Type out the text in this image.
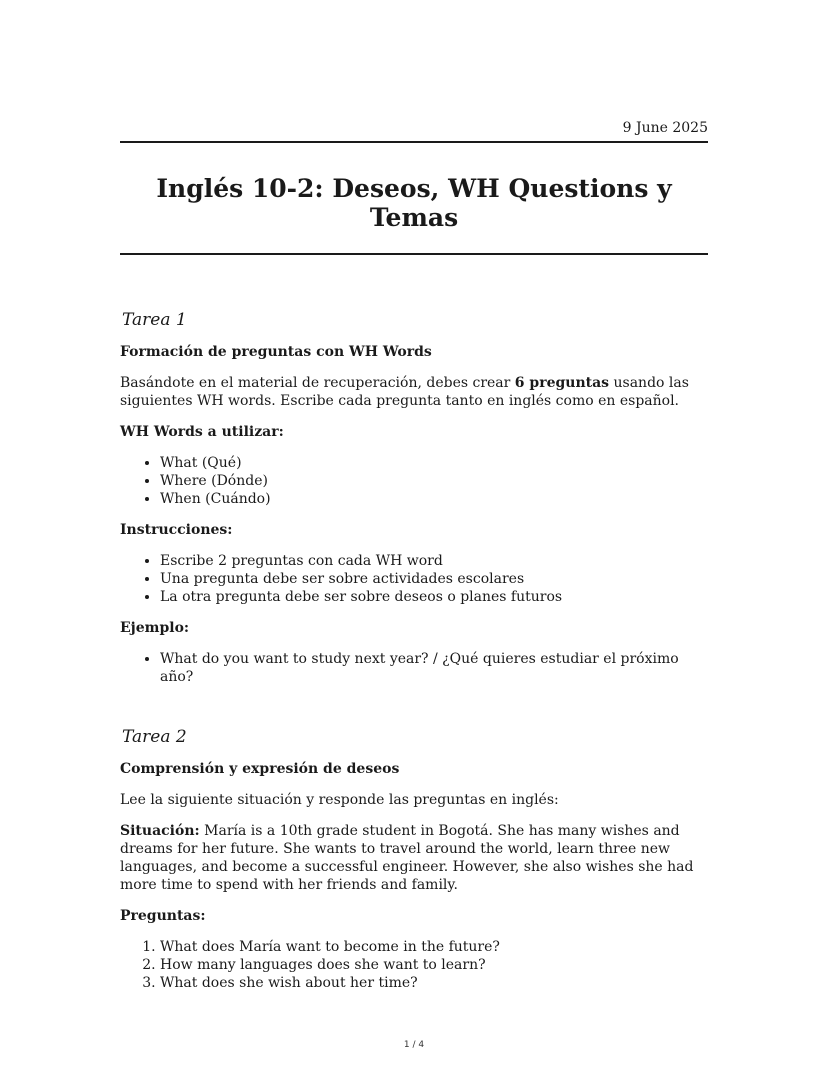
9 June 2025
Inglés 10-2: Deseos, WH Questions y Temas
Tarea 1

Formación de preguntas con WH Words

Basándote en el material de recuperación, debes crear 6 preguntas usando las siguientes WH words. Escribe cada pregunta tanto en inglés como en español.

WH Words a utilizar:

• What (Qué)
• Where (Dónde)
• When (Cuándo)

Instrucciones:

• Escribe 2 preguntas con cada WH word
• Una pregunta debe ser sobre actividades escolares
• La otra pregunta debe ser sobre deseos o planes futuros

Ejemplo:

• What do you want to study next year? / ¿Qué quieres estudiar el próximo año?
Tarea 2

Comprensión y expresión de deseos

Lee la siguiente situación y responde las preguntas en inglés:

Situación: María is a 10th grade student in Bogotá. She has many wishes and dreams for her future. She wants to travel around the world, learn three new languages, and become a successful engineer. However, she also wishes she had more time to spend with her friends and family.

Preguntas:

1. What does María want to become in the future?
2. How many languages does she want to learn?
3. What does she wish about her time?
1 / 4
